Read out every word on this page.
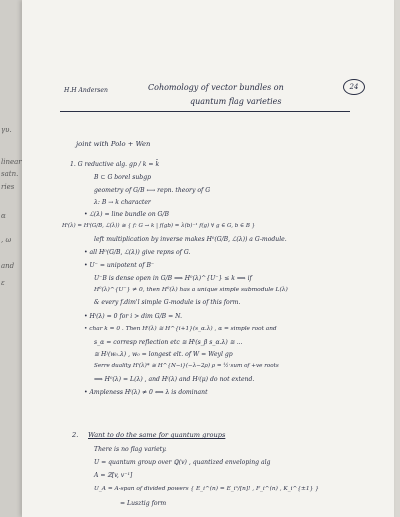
γυ.
linear
satn.
ries
α
, ω
and
ε
H.H Andersen	Cohomology of vector bundles on
quantum flag varieties
24
joint with Polo + Wen
1. G reductive alg. gp / k = k̄
B ⊂ G borel subgp
geometry of G/B ⟷ repn. theory of G
λ: B → k character
• ℒ(λ) = line bundle on G/B
Hⁱ(λ) = Hⁱ(G/B, ℒ(λ)) ≅ { f: G → k | f(gb) = λ(b)⁻¹ f(g) ∀ g ∈ G, b ∈ B }
left multiplication by inverse makes H⁰(G/B, ℒ(λ)) a G-module.
• all H⁰(G/B, ℒ(λ)) give repns of G.
• U⁻ = unipotent of B⁻
U⁻B is dense open in G/B ⟹ H⁰(λ)^{U⁻} ≤ k ⟹ if
H⁰(λ)^{U⁻} ≠ 0, then H⁰(λ) has a unique simple submodule L(λ)
& every f.dim'l simple G-module is of this form.
• Hⁱ(λ) = 0 for i > dim G/B = N.
• char k = 0 . Then Hⁱ(λ) ≅ H^{i+1}(s_α.λ) , α = simple root and
s_α = corresp reflection etc ≅ Hⁱ(s_β s_α.λ) ≅ ...
≅ Hʲ(w₀.λ) , w₀ = longest elt. of W = Weyl gp
Serre duality Hⁱ(λ)* ≅ H^{N−i}(−λ−2ρ) ρ = ½·sum of +ve roots
⟹ H⁰(λ) = L(λ) , and Hⁱ(λ) and Hʲ(μ) do not extend.
• Ampleness Hⁱ(λ) ≠ 0 ⟺ λ is dominant
2. Want to do the same for quantum groups
There is no flag variety.
U = quantum group over ℚ(v) , quantized enveloping alg
A = ℤ[v, v⁻¹]
U_A = A-span of divided powers { E_i^(n) = E_iⁿ/[n]! , F_i^(n) , K_i^{±1} }
= Lusztig form
